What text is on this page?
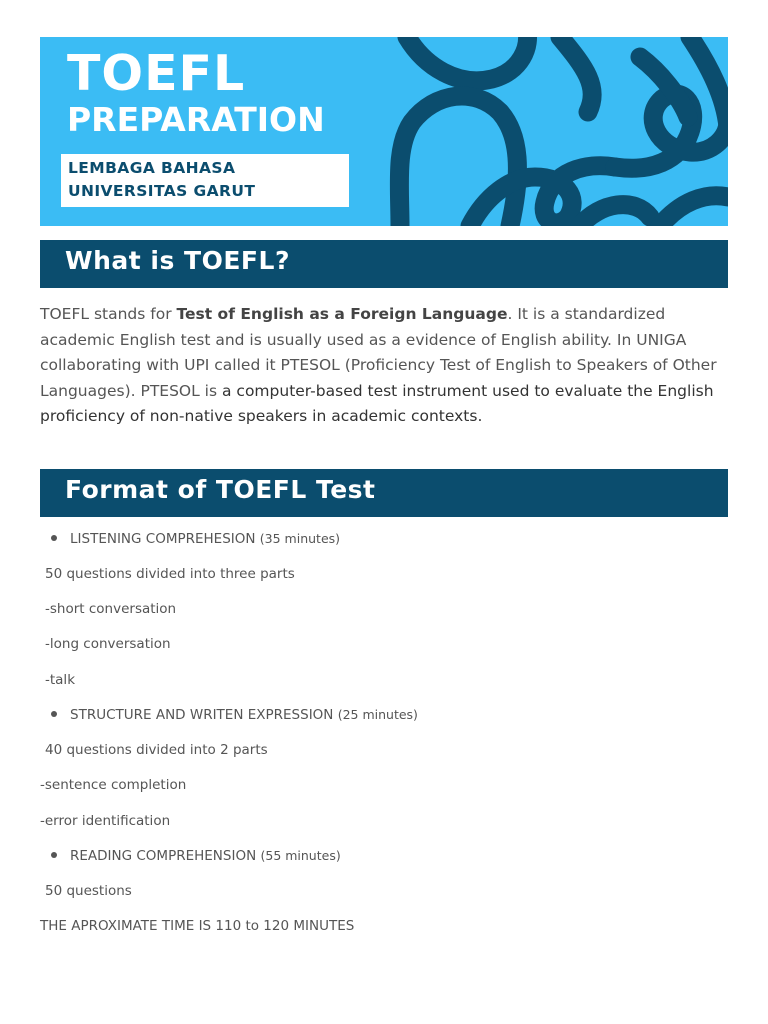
TOEFL
PREPARATION
LEMBAGA BAHASA
UNIVERSITAS GARUT
What is TOEFL?

TOEFL stands for Test of English as a Foreign Language. It is a standardized academic English test and is usually used as a evidence of English ability. In UNIGA collaborating with UPI called it PTESOL (Proficiency Test of English to Speakers of Other Languages). PTESOL is a computer-based test instrument used to evaluate the English proficiency of non-native speakers in academic contexts.

Format of TOEFL Test
LISTENING COMPREHESION (35 minutes)
50 questions divided into three parts
-short conversation
-long conversation
-talk
STRUCTURE AND WRITEN EXPRESSION (25 minutes)
40 questions divided into 2 parts
-sentence completion
-error identification
READING COMPREHENSION (55 minutes)
50 questions
THE APROXIMATE TIME IS 110 to 120 MINUTES
